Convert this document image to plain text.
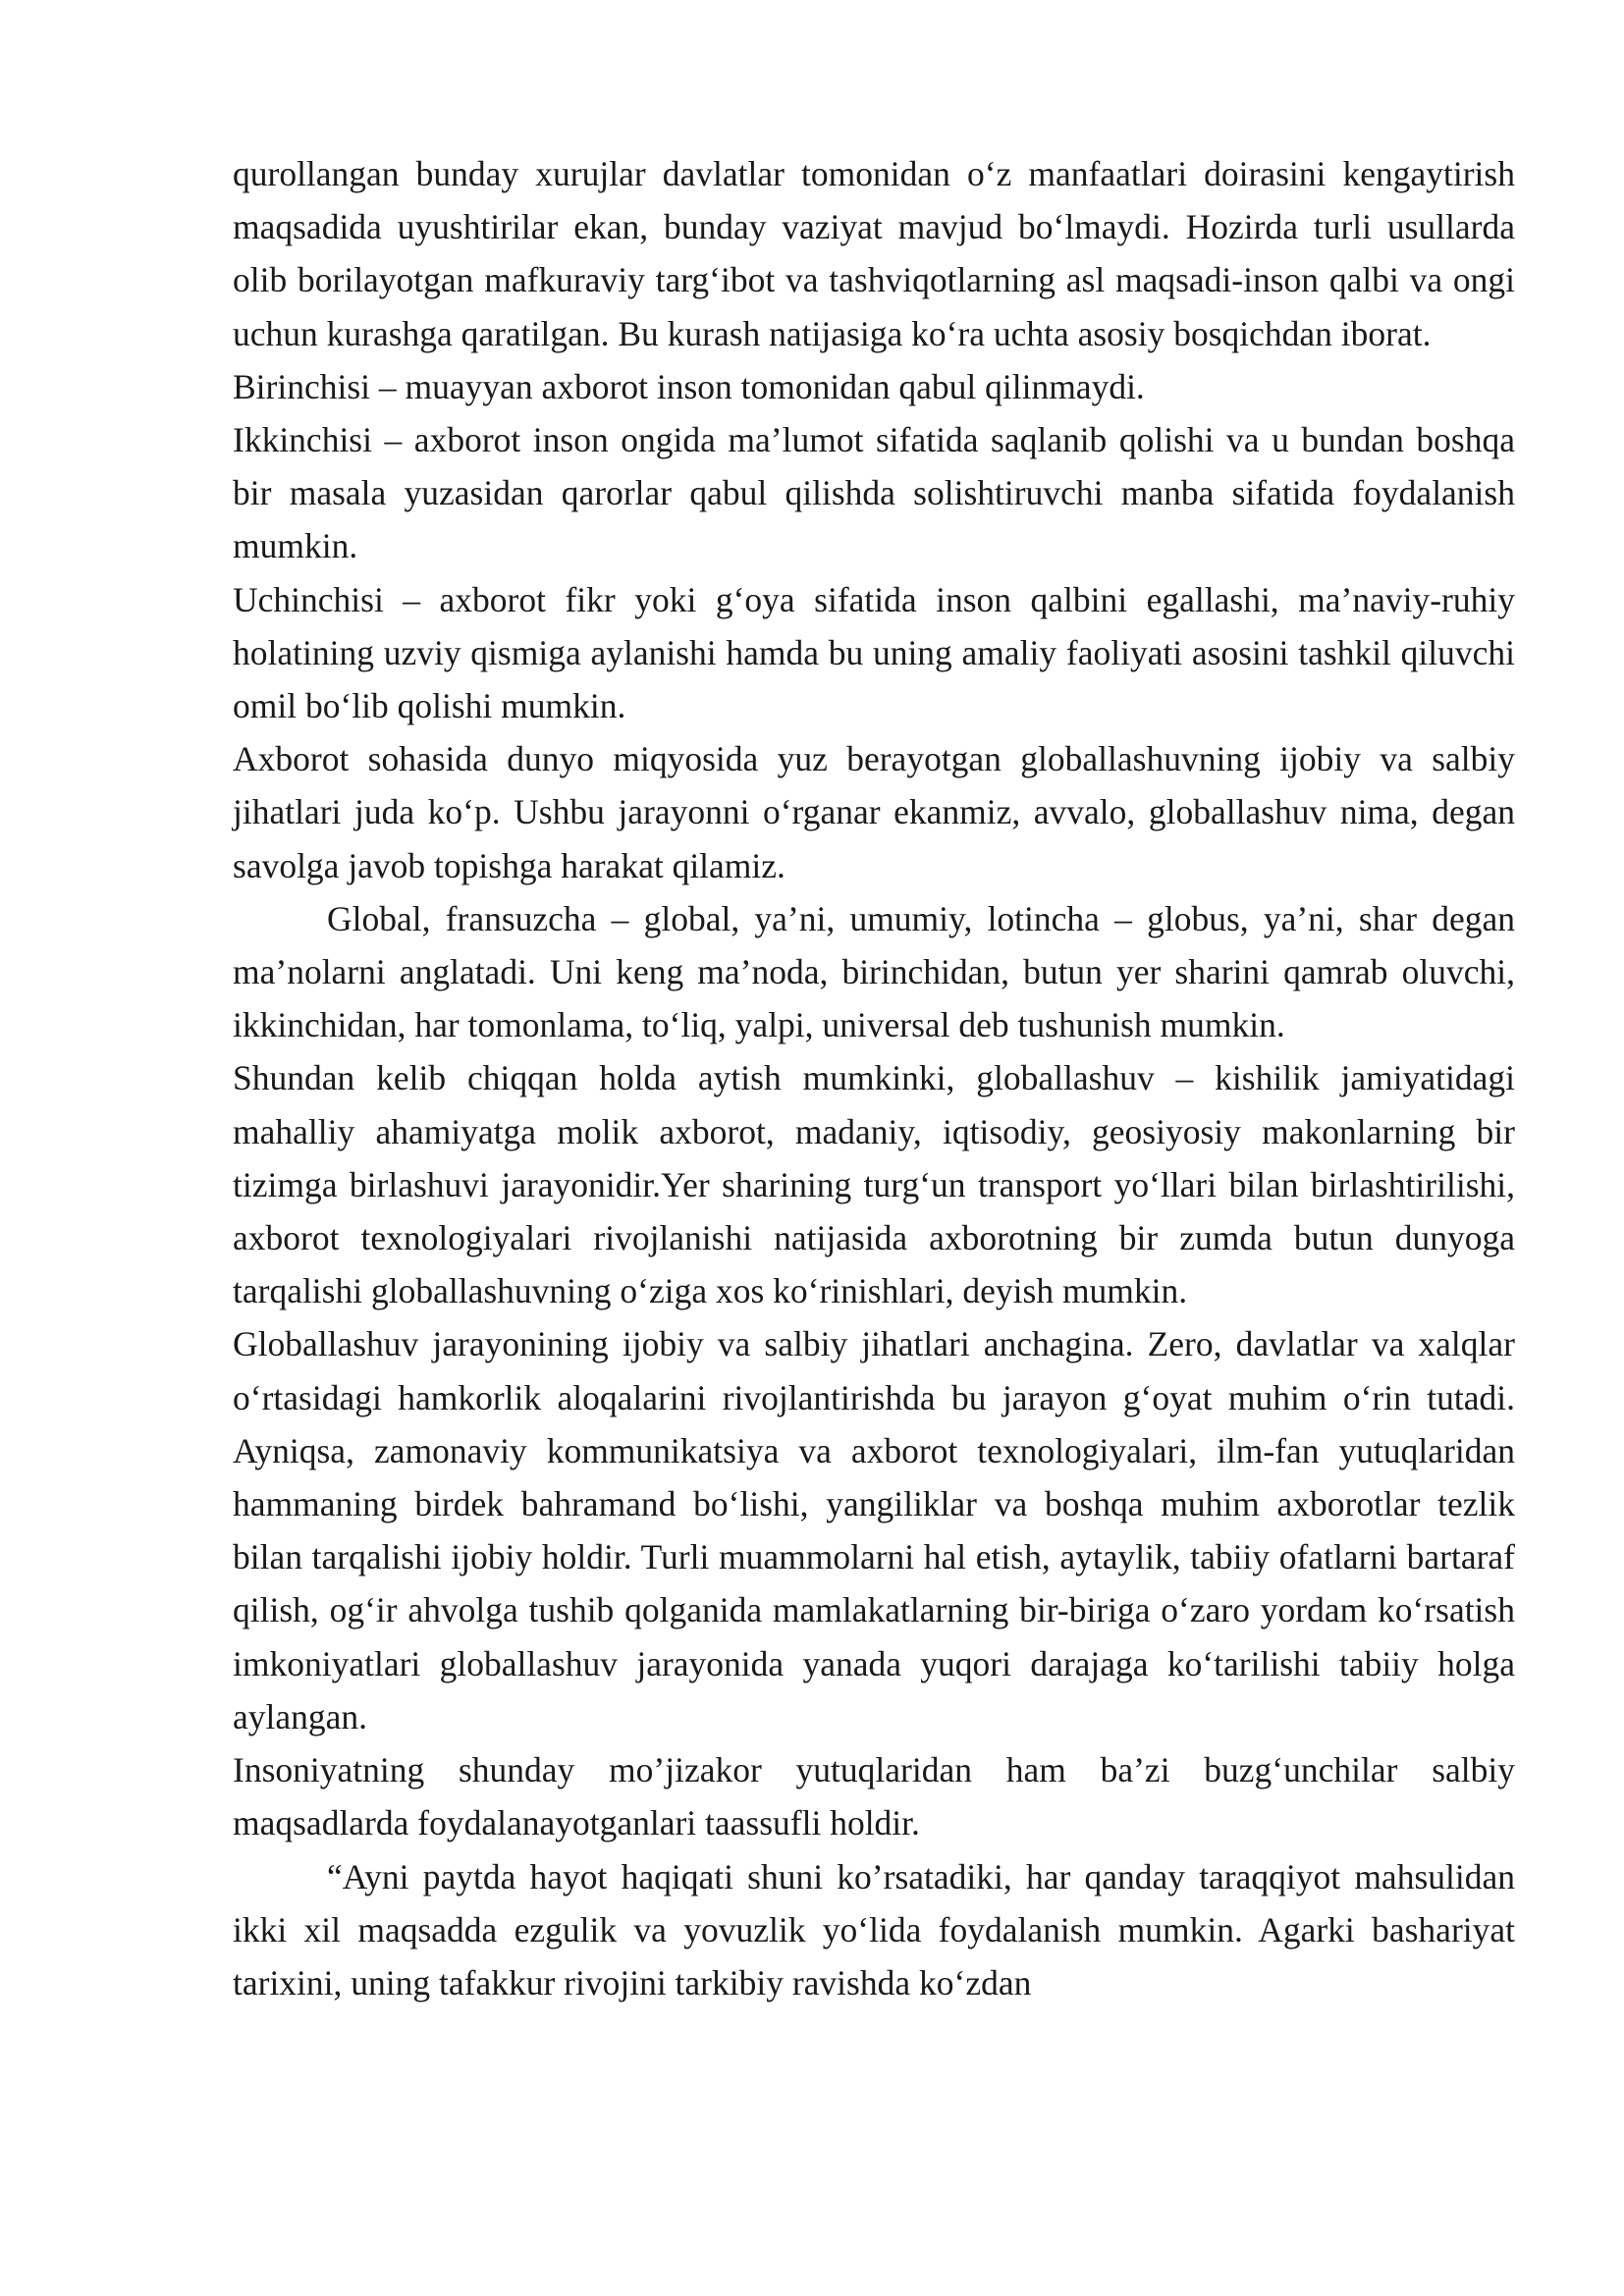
qurollangan bunday xurujlar davlatlar tomonidan o‘z manfaatlari doirasini kengaytirish maqsadida uyushtirilar ekan, bunday vaziyat mavjud bo‘lmaydi. Hozirda turli usullarda olib borilayotgan mafkuraviy targ‘ibot va tashviqotlarning asl maqsadi-inson qalbi va ongi uchun kurashga qaratilgan. Bu kurash natijasiga ko‘ra uchta asosiy bosqichdan iborat.

Birinchisi – muayyan axborot inson tomonidan qabul qilinmaydi.

Ikkinchisi – axborot inson ongida ma’lumot sifatida saqlanib qolishi va u bundan boshqa bir masala yuzasidan qarorlar qabul qilishda solishtiruvchi manba sifatida foydalanish mumkin.

Uchinchisi – axborot fikr yoki g‘oya sifatida inson qalbini egallashi, ma’naviy-ruhiy holatining uzviy qismiga aylanishi hamda bu uning amaliy faoliyati asosini tashkil qiluvchi omil bo‘lib qolishi mumkin.

Axborot sohasida dunyo miqyosida yuz berayotgan globallashuvning ijobiy va salbiy jihatlari juda ko‘p. Ushbu jarayonni o‘rganar ekanmiz, avvalo, globallashuv nima, degan savolga javob topishga harakat qilamiz.

Global, fransuzcha – global, ya’ni, umumiy, lotincha – globus, ya’ni, shar degan ma’nolarni anglatadi. Uni keng ma’noda, birinchidan, butun yer sharini qamrab oluvchi, ikkinchidan, har tomonlama, to‘liq, yalpi, universal deb tushunish mumkin.

Shundan kelib chiqqan holda aytish mumkinki, globallashuv – kishilik jamiyatidagi mahalliy ahamiyatga molik axborot, madaniy, iqtisodiy, geosiyosiy makonlarning bir tizimga birlashuvi jarayonidir.Yer sharining turg‘un transport yo‘llari bilan birlashtirilishi, axborot texnologiyalari rivojlanishi natijasida axborotning bir zumda butun dunyoga tarqalishi globallashuvning o‘ziga xos ko‘rinishlari, deyish mumkin.

Globallashuv jarayonining ijobiy va salbiy jihatlari anchagina. Zero, davlatlar va xalqlar o‘rtasidagi hamkorlik aloqalarini rivojlantirishda bu jarayon g‘oyat muhim o‘rin tutadi. Ayniqsa, zamonaviy kommunikatsiya va axborot texnologiyalari, ilm-fan yutuqlaridan hammaning birdek bahramand bo‘lishi, yangiliklar va boshqa muhim axborotlar tezlik bilan tarqalishi ijobiy holdir. Turli muammolarni hal etish, aytaylik, tabiiy ofatlarni bartaraf qilish, og‘ir ahvolga tushib qolganida mamlakatlarning bir-biriga o‘zaro yordam ko‘rsatish imkoniyatlari globallashuv jarayonida yanada yuqori darajaga ko‘tarilishi tabiiy holga aylangan.

Insoniyatning shunday mo’jizakor yutuqlaridan ham ba’zi buzg‘unchilar salbiy maqsadlarda foydalanayotganlari taassufli holdir.

“Ayni paytda hayot haqiqati shuni ko’rsatadiki, har qanday taraqqiyot mahsulidan ikki xil maqsadda ezgulik va yovuzlik yo‘lida foydalanish mumkin. Agarki bashariyat tarixini, uning tafakkur rivojini tarkibiy ravishda ko‘zdan
